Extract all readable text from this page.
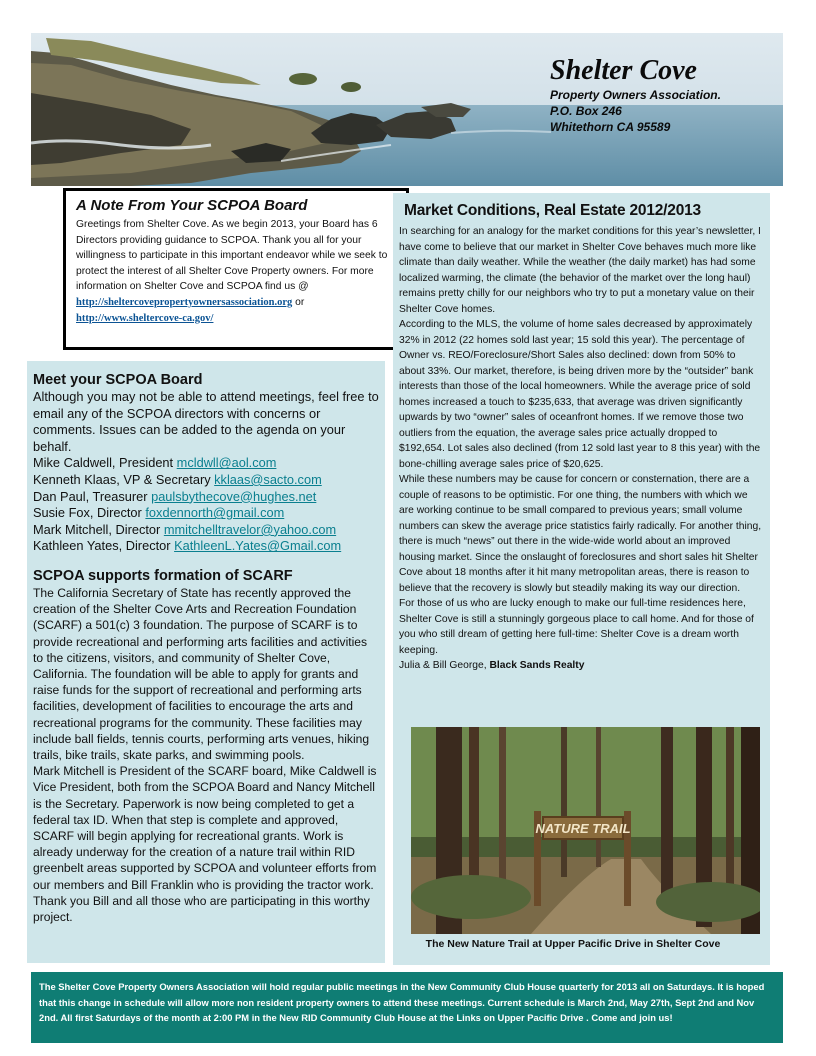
Shelter Cove
Property Owners Association.
P.O. Box 246
Whitethorn CA 95589
A Note From Your SCPOA Board
Greetings from Shelter Cove. As we begin 2013, your Board has 6 Directors providing guidance to SCPOA. Thank you all for your willingness to participate in this important endeavor while we seek to protect the interest of all Shelter Cove Property owners. For more information on Shelter Cove and SCPOA find us @ http://sheltercovepropertyownersassociation.org or
http://www.sheltercove-ca.gov/
Meet your SCPOA Board
Although you may not be able to attend meetings, feel free to email any of the SCPOA directors with concerns or comments. Issues can be added to the agenda on your behalf.
Mike Caldwell, President mcldwll@aol.com
Kenneth Klaas, VP & Secretary kklaas@sacto.com
Dan Paul, Treasurer paulsbythecove@hughes.net
Susie Fox, Director foxdennorth@gmail.com
Mark Mitchell, Director mmitchelltravelor@yahoo.com
Kathleen Yates, Director KathleenL.Yates@Gmail.com
SCPOA supports formation of SCARF
The California Secretary of State has recently approved the creation of the Shelter Cove Arts and Recreation Foundation (SCARF) a 501(c) 3 foundation. The purpose of SCARF is to provide recreational and performing arts facilities and activities to the citizens, visitors, and community of Shelter Cove, California. The foundation will be able to apply for grants and raise funds for the support of recreational and performing arts facilities, development of facilities to encourage the arts and recreational programs for the community. These facilities may include ball fields, tennis courts, performing arts venues, hiking trails, bike trails, skate parks, and swimming pools.
Mark Mitchell is President of the SCARF board, Mike Caldwell is Vice President, both from the SCPOA Board and Nancy Mitchell is the Secretary. Paperwork is now being completed to get a federal tax ID. When that step is complete and approved, SCARF will begin applying for recreational grants. Work is already underway for the creation of a nature trail within RID greenbelt areas supported by SCPOA and volunteer efforts from our members and Bill Franklin who is providing the tractor work. Thank you Bill and all those who are participating in this worthy project.
Market Conditions, Real Estate 2012/2013

In searching for an analogy for the market conditions for this year’s newsletter, I have come to believe that our market in Shelter Cove behaves much more like climate than daily weather. While the weather (the daily market) has had some localized warming, the climate (the behavior of the market over the long haul) remains pretty chilly for our neighbors who try to put a monetary value on their Shelter Cove homes.

According to the MLS, the volume of home sales decreased by approximately 32% in 2012 (22 homes sold last year; 15 sold this year). The percentage of Owner vs. REO/Foreclosure/Short Sales also declined: down from 50% to about 33%. Our market, therefore, is being driven more by the “outsider” bank interests than those of the local homeowners. While the average price of sold homes increased a touch to $235,633, that average was driven significantly upwards by two “owner” sales of oceanfront homes. If we remove those two outliers from the equation, the average sales price actually dropped to $192,654. Lot sales also declined (from 12 sold last year to 8 this year) with the bone-chilling average sales price of $20,625.

While these numbers may be cause for concern or consternation, there are a couple of reasons to be optimistic. For one thing, the numbers with which we are working continue to be small compared to previous years; small volume numbers can skew the average price statistics fairly radically. For another thing, there is much “news” out there in the wide-wide world about an improved housing market. Since the onslaught of foreclosures and short sales hit Shelter Cove about 18 months after it hit many metropolitan areas, there is reason to believe that the recovery is slowly but steadily making its way our direction.

For those of us who are lucky enough to make our full-time residences here, Shelter Cove is still a stunningly gorgeous place to call home. And for those of you who still dream of getting here full-time: Shelter Cove is a dream worth keeping.

Julia & Bill George, Black Sands Realty

NATURE TRAIL
The New Nature Trail at Upper Pacific Drive in Shelter Cove
The Shelter Cove Property Owners Association will hold regular public meetings in the New Community Club House quarterly for 2013 all on Saturdays. It is hoped that this change in schedule will allow more non resident property owners to attend these meetings. Current schedule is March 2nd, May 27th, Sept 2nd and Nov 2nd. All first Saturdays of the month at 2:00 PM in the New RID Community Club House at the Links on Upper Pacific Drive . Come and join us!
